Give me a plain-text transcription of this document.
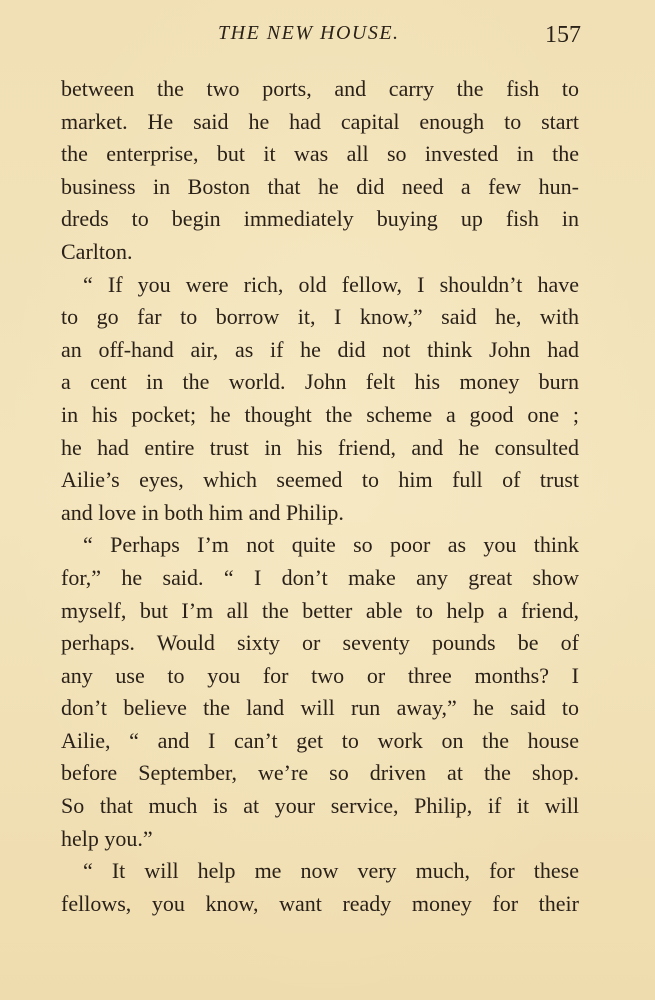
THE NEW HOUSE.	157
between the two ports, and carry the fish to
market. He said he had capital enough to start
the enterprise, but it was all so invested in the
business in Boston that he did need a few hun-
dreds to begin immediately buying up fish in
Carlton.
“ If you were rich, old fellow, I shouldn’t have
to go far to borrow it, I know,” said he, with
an off-hand air, as if he did not think John had
a cent in the world. John felt his money burn
in his pocket; he thought the scheme a good one ;
he had entire trust in his friend, and he consulted
Ailie’s eyes, which seemed to him full of trust
and love in both him and Philip.
“ Perhaps I’m not quite so poor as you think
for,” he said. “ I don’t make any great show
myself, but I’m all the better able to help a friend,
perhaps. Would sixty or seventy pounds be of
any use to you for two or three months? I
don’t believe the land will run away,” he said to
Ailie, “ and I can’t get to work on the house
before September, we’re so driven at the shop.
So that much is at your service, Philip, if it will
help you.”
“ It will help me now very much, for these
fellows, you know, want ready money for their
